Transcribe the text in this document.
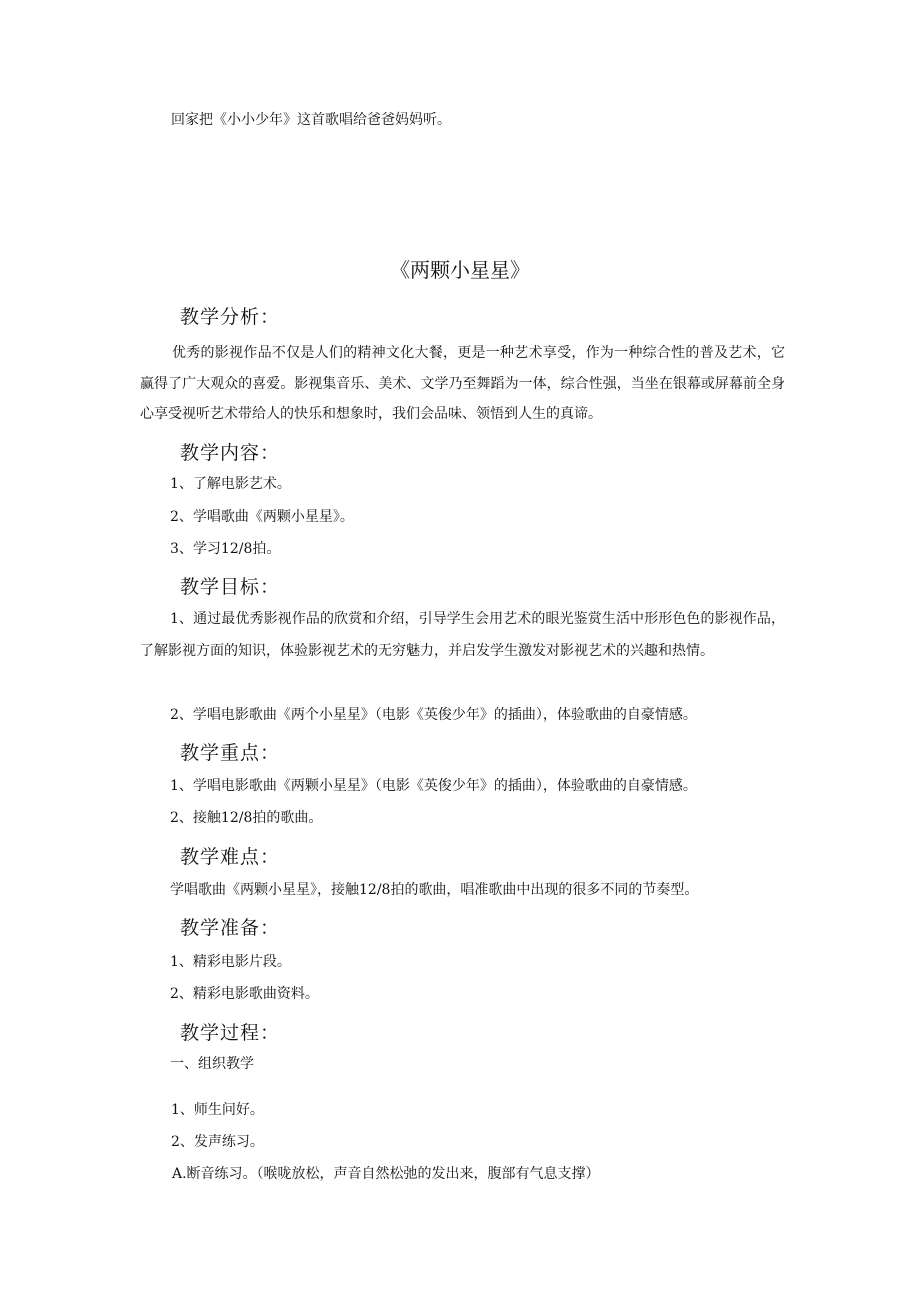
回家把《小小少年》这首歌唱给爸爸妈妈听。
《两颗小星星》
教学分析：
优秀的影视作品不仅是人们的精神文化大餐，更是一种艺术享受，作为一种综合性的普及艺术，它赢得了广大观众的喜爱。影视集音乐、美术、文学乃至舞蹈为一体，综合性强，当坐在银幕或屏幕前全身心享受视听艺术带给人的快乐和想象时，我们会品味、领悟到人生的真谛。
教学内容：
1、了解电影艺术。
2、学唱歌曲《两颗小星星》。
3、学习12/8拍。
教学目标：
1、通过最优秀影视作品的欣赏和介绍，引导学生会用艺术的眼光鉴赏生活中形形色色的影视作品，了解影视方面的知识，体验影视艺术的无穷魅力，并启发学生激发对影视艺术的兴趣和热情。
2、学唱电影歌曲《两个小星星》（电影《英俊少年》的插曲），体验歌曲的自豪情感。
教学重点：
1、学唱电影歌曲《两颗小星星》（电影《英俊少年》的插曲），体验歌曲的自豪情感。
2、接触12/8拍的歌曲。
教学难点：
学唱歌曲《两颗小星星》，接触12/8拍的歌曲，唱准歌曲中出现的很多不同的节奏型。
教学准备：
1、精彩电影片段。
2、精彩电影歌曲资料。
教学过程：
一、组织教学
1、师生问好。
2、发声练习。
A.断音练习。（喉咙放松，声音自然松弛的发出来，腹部有气息支撑）
